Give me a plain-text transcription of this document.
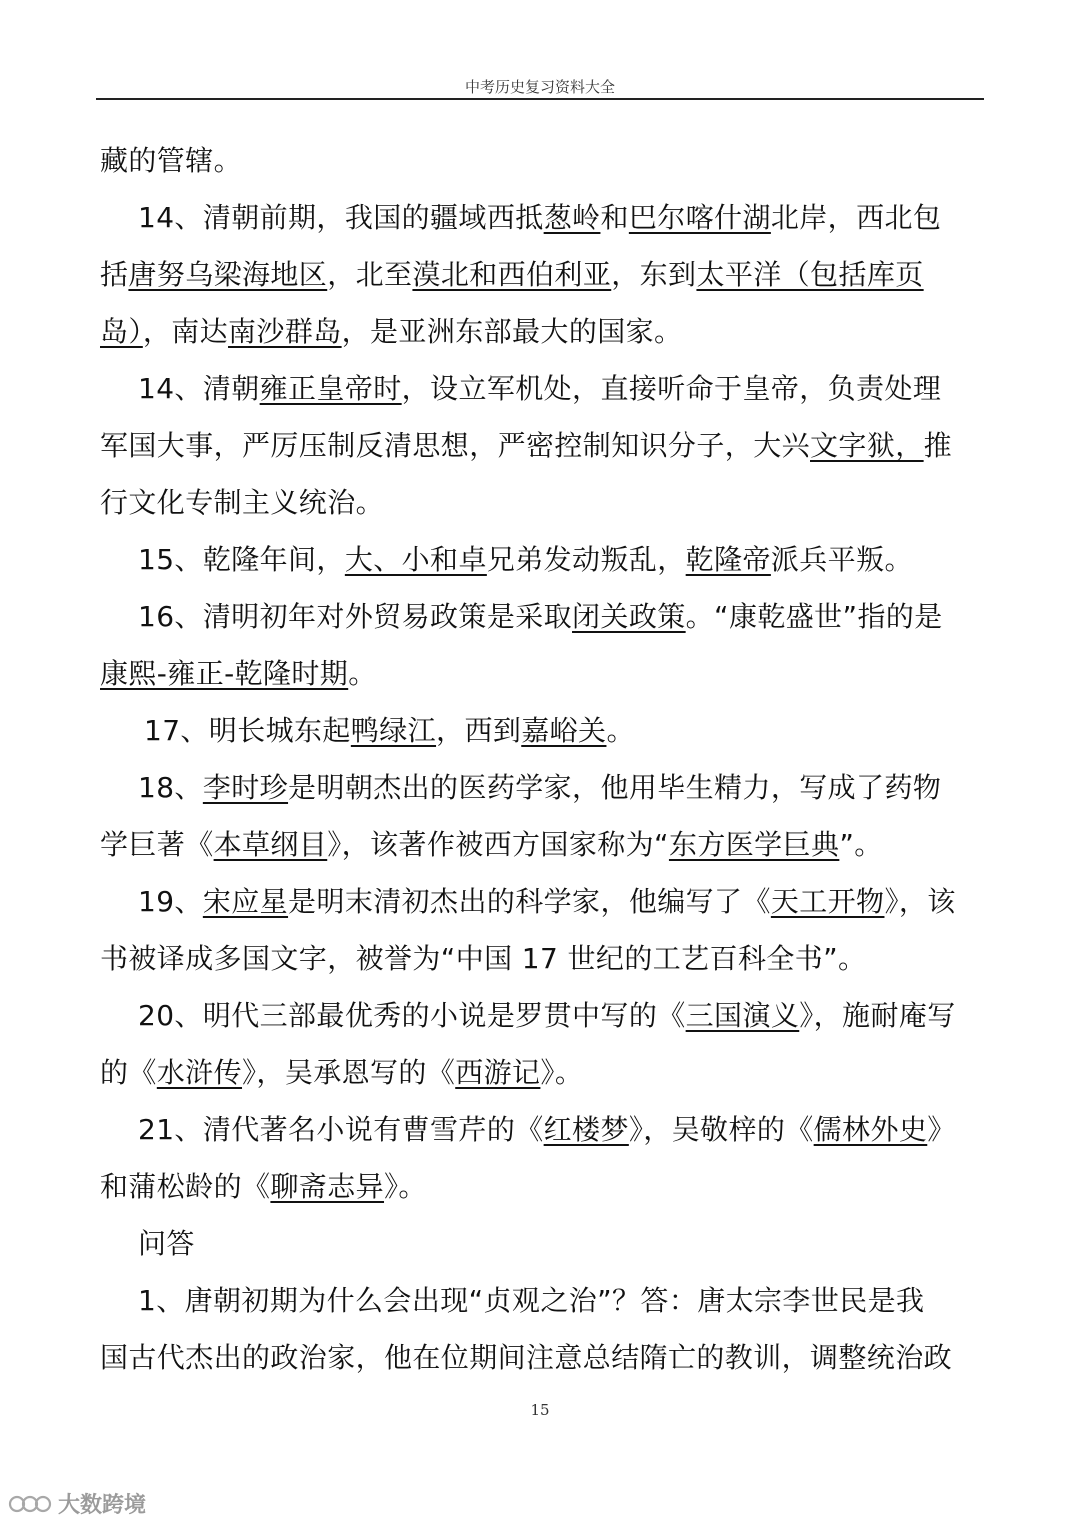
中考历史复习资料大全
藏的管辖。
14、清朝前期，我国的疆域西抵葱岭和巴尔喀什湖北岸，西北包
括唐努乌梁海地区，北至漠北和西伯利亚，东到太平洋（包括库页
岛），南达南沙群岛，是亚洲东部最大的国家。
14、清朝雍正皇帝时，设立军机处，直接听命于皇帝，负责处理
军国大事，严厉压制反清思想，严密控制知识分子，大兴文字狱，推
行文化专制主义统治。
15、乾隆年间，大、小和卓兄弟发动叛乱，乾隆帝派兵平叛。
16、清明初年对外贸易政策是采取闭关政策。“康乾盛世”指的是
康熙-雍正-乾隆时期。
17、明长城东起鸭绿江，西到嘉峪关。
18、李时珍是明朝杰出的医药学家，他用毕生精力，写成了药物
学巨著《本草纲目》，该著作被西方国家称为“东方医学巨典”。
19、宋应星是明末清初杰出的科学家，他编写了《天工开物》，该
书被译成多国文字，被誉为“中国 17 世纪的工艺百科全书”。
20、明代三部最优秀的小说是罗贯中写的《三国演义》，施耐庵写
的《水浒传》，吴承恩写的《西游记》。
21、清代著名小说有曹雪芹的《红楼梦》，吴敬梓的《儒林外史》
和蒲松龄的《聊斋志异》。
问答
1、唐朝初期为什么会出现“贞观之治”？答：唐太宗李世民是我
国古代杰出的政治家，他在位期间注意总结隋亡的教训，调整统治政
15
大数跨境
